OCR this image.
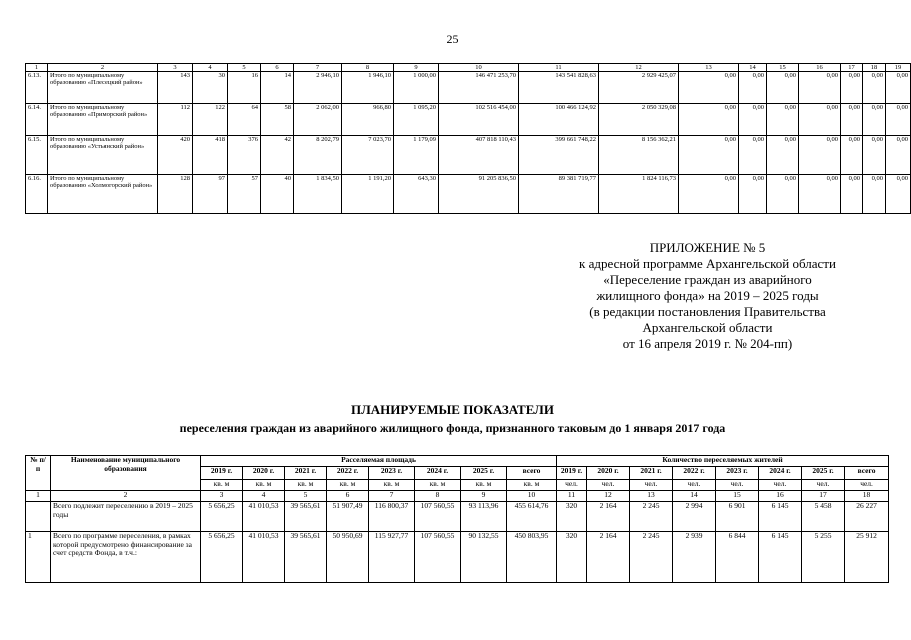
25
1	2	3	4	5	6	7	8	9	10	11	12	13	14	15	16	17	18	19
6.13.	Итого по муниципальному образованию «Плесецкий район»	143	30	16	14	2 946,10	1 946,10	1 000,00	146 471 253,70	143 541 828,63	2 929 425,07	0,00	0,00	0,00	0,00	0,00	0,00	0,00
6.14.	Итого по муниципальному образованию «Приморский район»	112	122	64	58	2 062,00	966,80	1 095,20	102 516 454,00	100 466 124,92	2 050 329,08	0,00	0,00	0,00	0,00	0,00	0,00	0,00
6.15.	Итого по муниципальному образованию «Устьянский район»	420	418	376	42	8 202,79	7 023,70	1 179,09	407 818 110,43	399 661 748,22	8 156 362,21	0,00	0,00	0,00	0,00	0,00	0,00	0,00
6.16.	Итого по муниципальному образованию «Холмогорский район»	128	97	57	40	1 834,50	1 191,20	643,30	91 205 836,50	89 381 719,77	1 824 116,73	0,00	0,00	0,00	0,00	0,00	0,00	0,00
ПРИЛОЖЕНИЕ № 5
к адресной программе Архангельской области
«Переселение граждан из аварийного
жилищного фонда» на 2019 – 2025 годы
(в редакции постановления Правительства
Архангельской области
от 16 апреля 2019 г. № 204-пп)
ПЛАНИРУЕМЫЕ ПОКАЗАТЕЛИ
переселения граждан из аварийного жилищного фонда, признанного таковым до 1 января 2017 года
№ п/п	Наименование муниципального образования	Расселяемая площадь								Количество переселяемых жителей							
		2019 г.	2020 г.	2021 г.	2022 г.	2023 г.	2024 г.	2025 г.	всего	2019 г.	2020 г.	2021 г.	2022 г.	2023 г.	2024 г.	2025 г.	всего
		кв. м	кв. м	кв. м	кв. м	кв. м	кв. м	кв. м	кв. м	чел.	чел.	чел.	чел.	чел.	чел.	чел.	чел.
1	2	3	4	5	6	7	8	9	10	11	12	13	14	15	16	17	18
	Всего подлежит переселению в 2019 – 2025 годы	5 656,25	41 010,53	39 565,61	51 907,49	116 800,37	107 560,55	93 113,96	455 614,76	320	2 164	2 245	2 994	6 901	6 145	5 458	26 227
1	Всего по программе переселения, в рамках которой предусмотрено финансирование за счет средств Фонда, в т.ч.:	5 656,25	41 010,53	39 565,61	50 950,69	115 927,77	107 560,55	90 132,55	450 803,95	320	2 164	2 245	2 939	6 844	6 145	5 255	25 912
